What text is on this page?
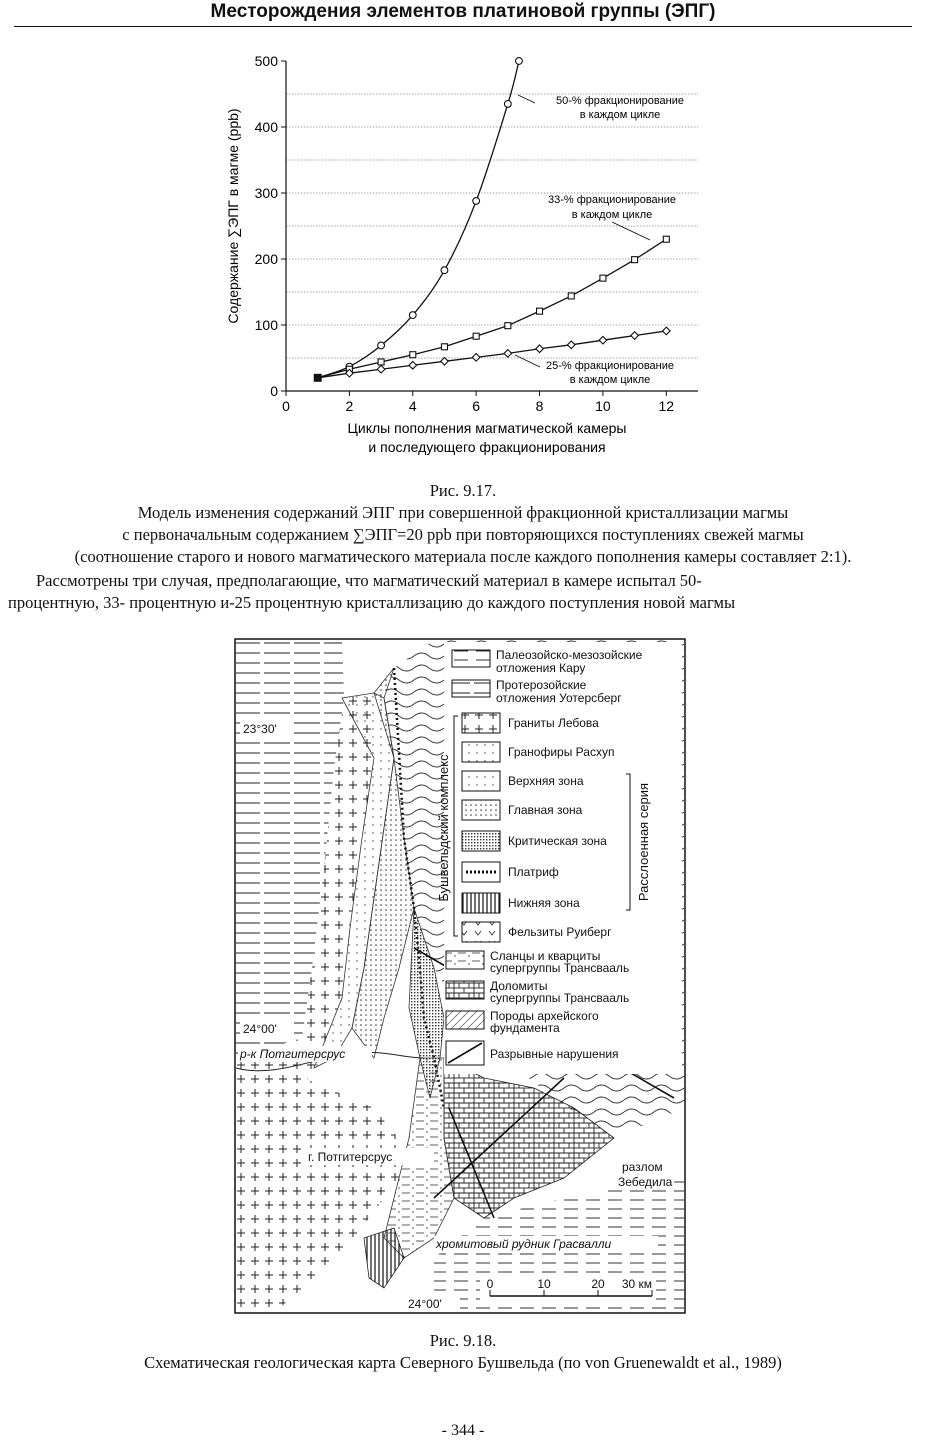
Месторождения элементов платиновой группы (ЭПГ)
0
100
200
300
400
500
0	2	4	6	8	10	12
50-% фракционирование
в каждом цикле
33-% фракционирование
в каждом цикле
25-% фракционирование
в каждом цикле
Содержание ∑ЭПГ в магме (ppb)
Циклы пополнения магматической камеры
и последующего фракционирования
Рис. 9.17.
Модель изменения содержаний ЭПГ при совершенной фракционной кристаллизации магмы
с первоначальным содержанием ∑ЭПГ=20 ppb при повторяющихся поступлениях свежей магмы
(соотношение старого и нового магматического материала после каждого пополнения камеры составляет 2:1).

Рассмотрены три случая, предполагающие, что магматический материал в камере испытал 50-

процентную, 33- процентную и-25 процентную кристаллизацию до каждого поступления новой магмы
Палеозойско-мезозойские
отложения Кару
Протерозойские
отложения Уотерсберг
Граниты Лебова
Гранофиры Расхуп
Верхняя зона
Главная зона
Критическая зона
Платриф
Нижняя зона
Фельзиты Руиберг
Сланцы и кварциты
супергруппы Трансвааль
Доломиты
супергруппы Трансвааль
Породы архейского
фундамента
Разрывные нарушения
Бушвельдский комплекс	Расслоенная серия
23°30'
24°00'
р-к Потгитерсрус
г. Потгитерсрус
разлом
Зебедила
хромитовый рудник Грасвалли
24°00'
0	10	20 30 км
Рис. 9.18.
Схематическая геологическая карта Северного Бушвельда (по von Gruenewaldt et al., 1989)
- 344 -
